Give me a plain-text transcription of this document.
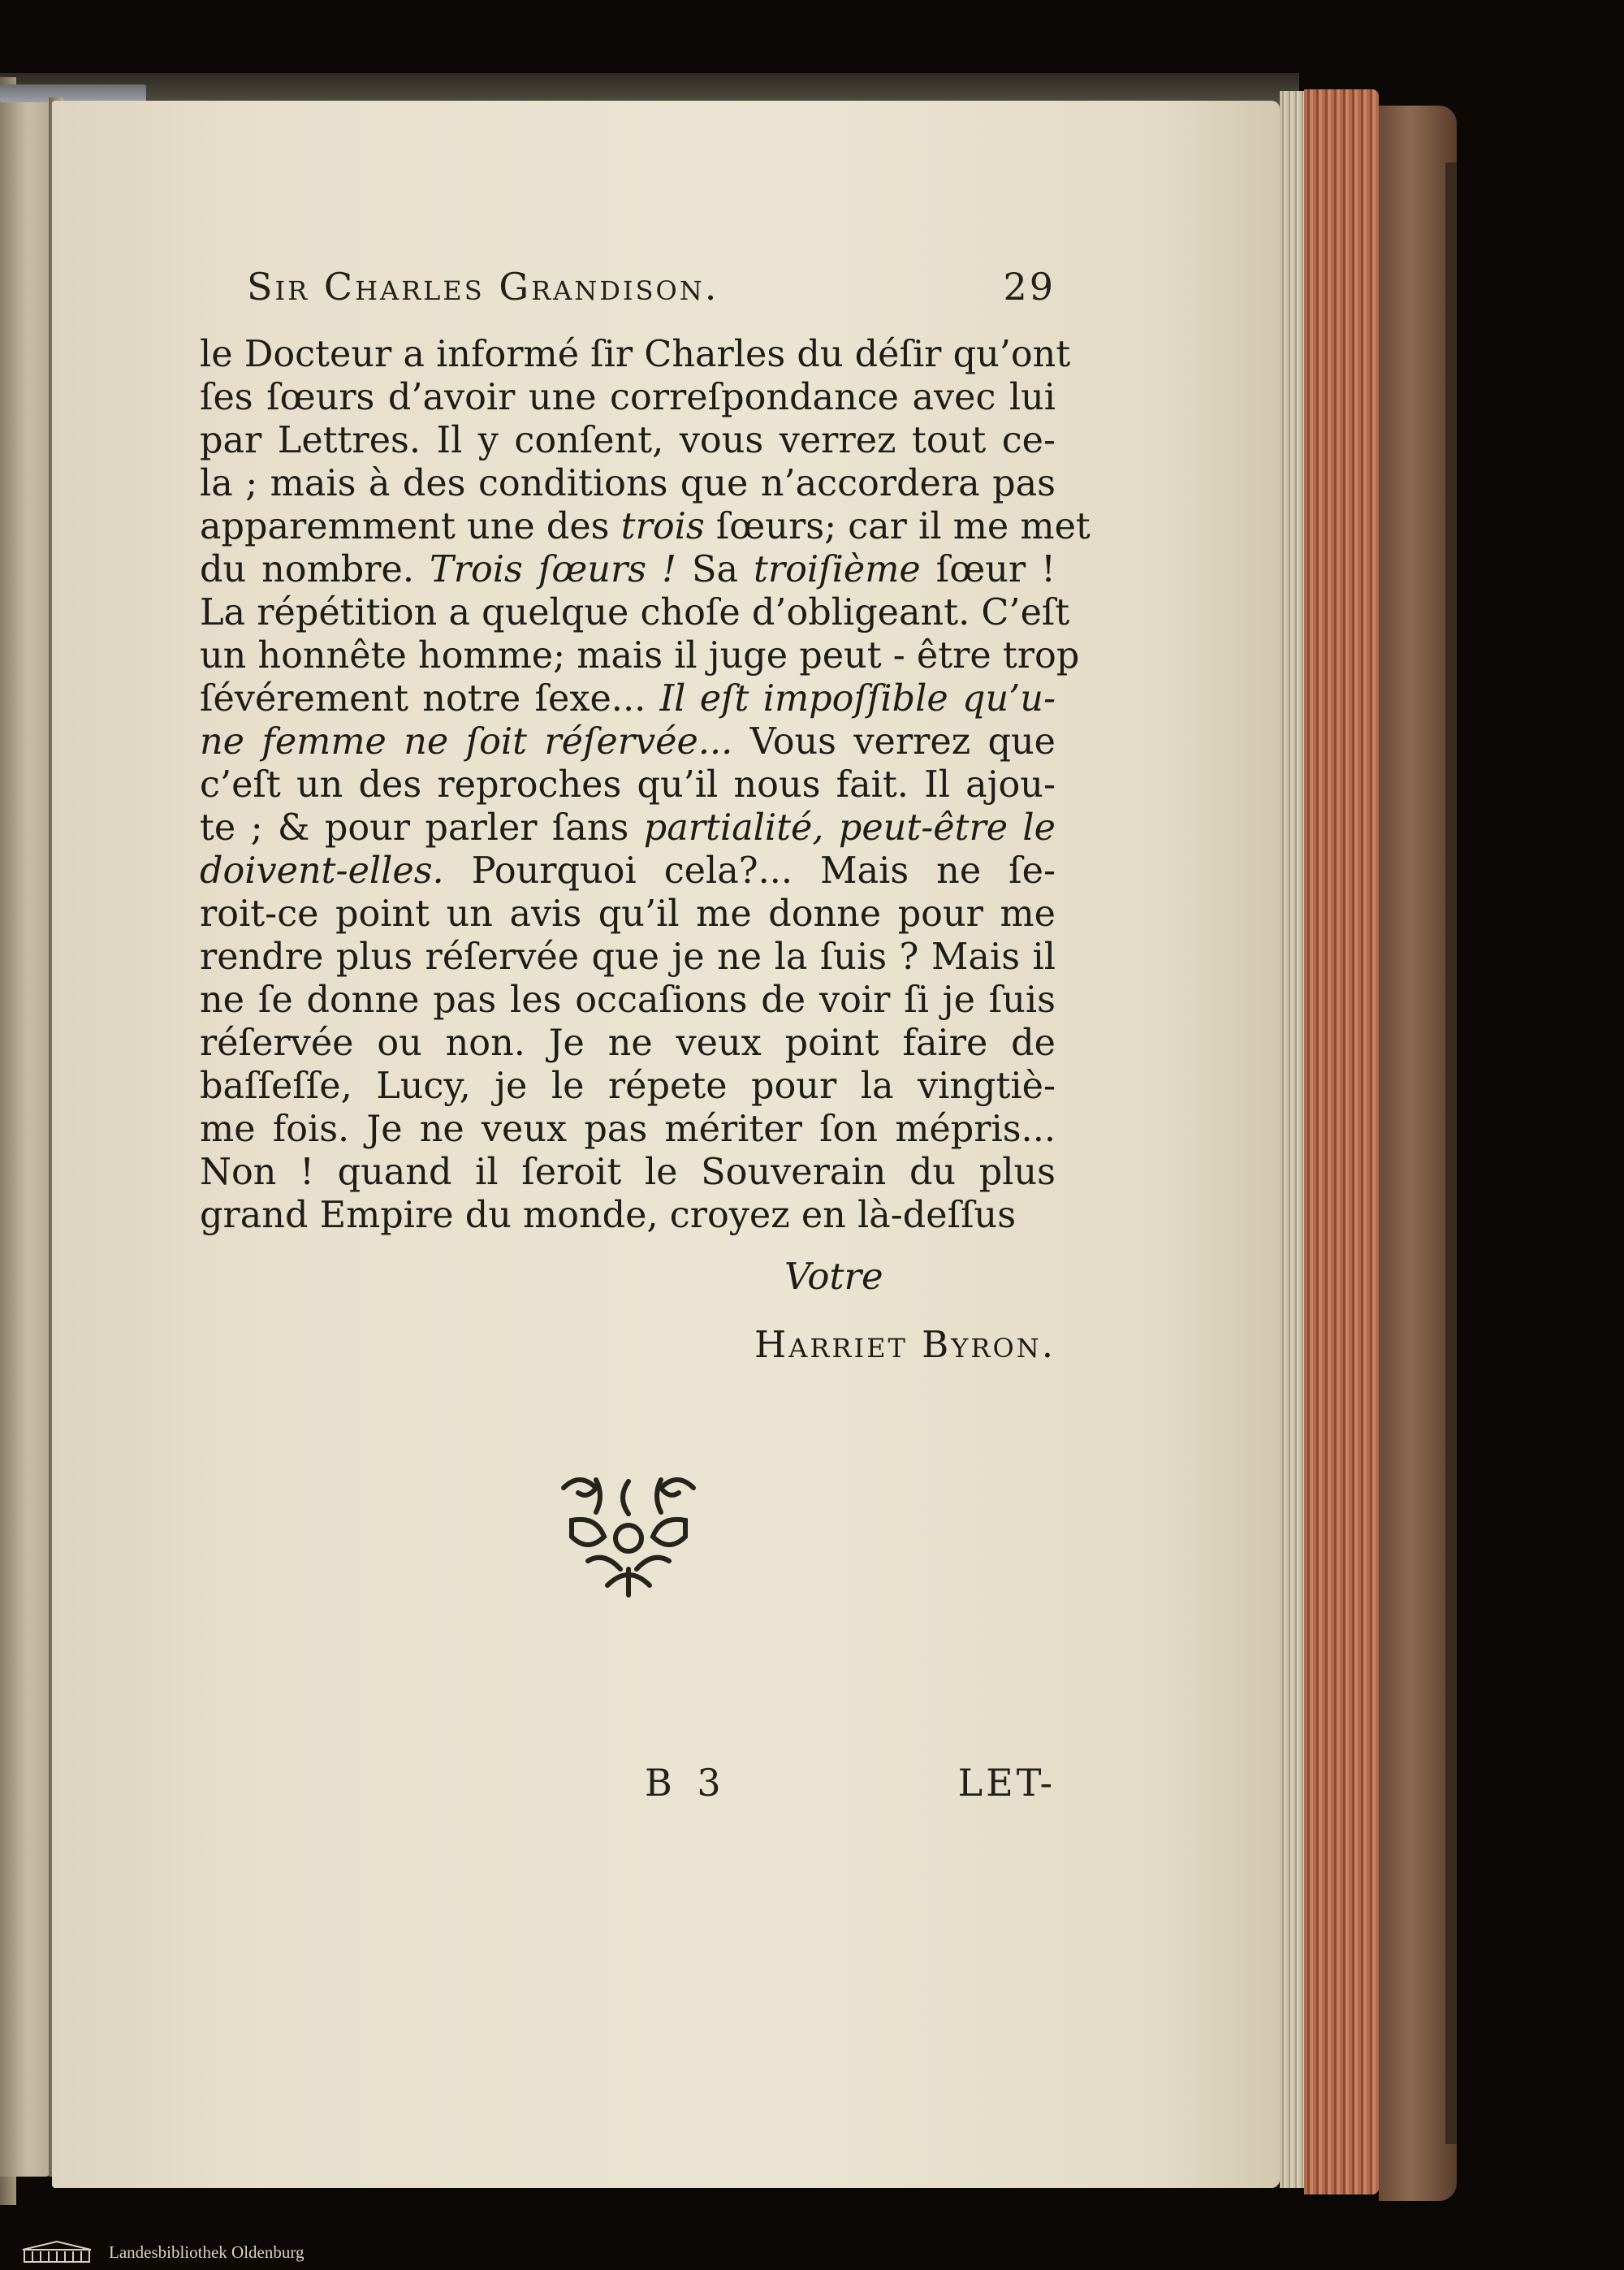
Sir Charles Grandison.	29
le Docteur a informé ſir Charles du déſir qu’ont
ſes ſœurs d’avoir une correſpondance avec lui
par Lettres. Il y conſent, vous verrez tout ce-
la ; mais à des conditions que n’accordera pas
apparemment une des trois ſœurs; car il me met
du nombre. Trois ſœurs ! Sa troiſième ſœur !
La répétition a quelque choſe d’obligeant. C’eſt
un honnête homme; mais il juge peut - être trop
ſévérement notre ſexe... Il eſt impoſſible qu’u-
ne femme ne ſoit réſervée... Vous verrez que
c’eſt un des reproches qu’il nous fait. Il ajou-
te ; & pour parler ſans partialité, peut-être le
doivent-elles. Pourquoi cela?... Mais ne ſe-
roit-ce point un avis qu’il me donne pour me
rendre plus réſervée que je ne la ſuis ? Mais il
ne ſe donne pas les occaſions de voir ſi je ſuis
réſervée ou non. Je ne veux point faire de
baſſeſſe, Lucy, je le répete pour la vingtiè-
me fois. Je ne veux pas mériter ſon mépris...
Non ! quand il ſeroit le Souverain du plus
grand Empire du monde, croyez en là-deſſus
Votre
Harriet Byron.
B 3	LET-
Landesbibliothek Oldenburg
